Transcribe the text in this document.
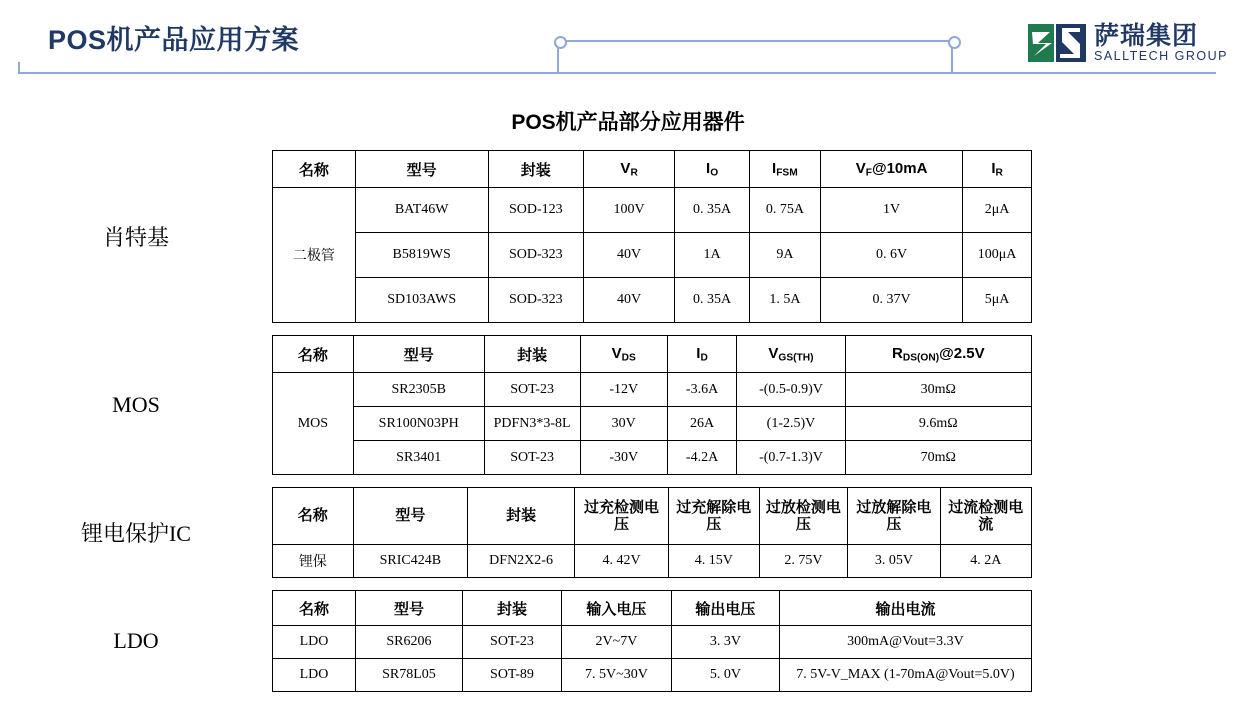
POS机产品应用方案	萨瑞集团
SALLTECH GROUP
POS机产品部分应用器件
肖特基
名称	型号	封装	$V_R$	$I_O$	$I_{FSM}$	$V_F@10mA$	$I_R$
二极管	BAT46W	SOD-123	100V	0. 35A	0. 75A	1V	2μA
	B5819WS	SOD-323	40V	1A	9A	0. 6V	100μA
	SD103AWS	SOD-323	40V	0. 35A	1. 5A	0. 37V	5μA
MOS
名称	型号	封装	$V_{DS}$	$I_D$	$V_{GS(TH)}$	$R_{DS(ON)}@2.5V$
MOS	SR2305B	SOT-23	-12V	-3.6A	-(0.5-0.9)V	30mΩ
	SR100N03PH	PDFN3*3-8L	30V	26A	(1-2.5)V	9.6mΩ
	SR3401	SOT-23	-30V	-4.2A	-(0.7-1.3)V	70mΩ
锂电保护IC
名称	型号	封装	过充检测电压	过充解除电压	过放检测电压	过放解除电压	过流检测电流
锂保	SRIC424B	DFN2X2-6	4. 42V	4. 15V	2. 75V	3. 05V	4. 2A
LDO
名称	型号	封装	输入电压	输出电压	输出电流
LDO	SR6206	SOT-23	2V~7V	3. 3V	300mA@Vout=3.3V
LDO	SR78L05	SOT-89	7. 5V~30V	5. 0V	7. 5V-V_MAX (1-70mA@Vout=5.0V)
